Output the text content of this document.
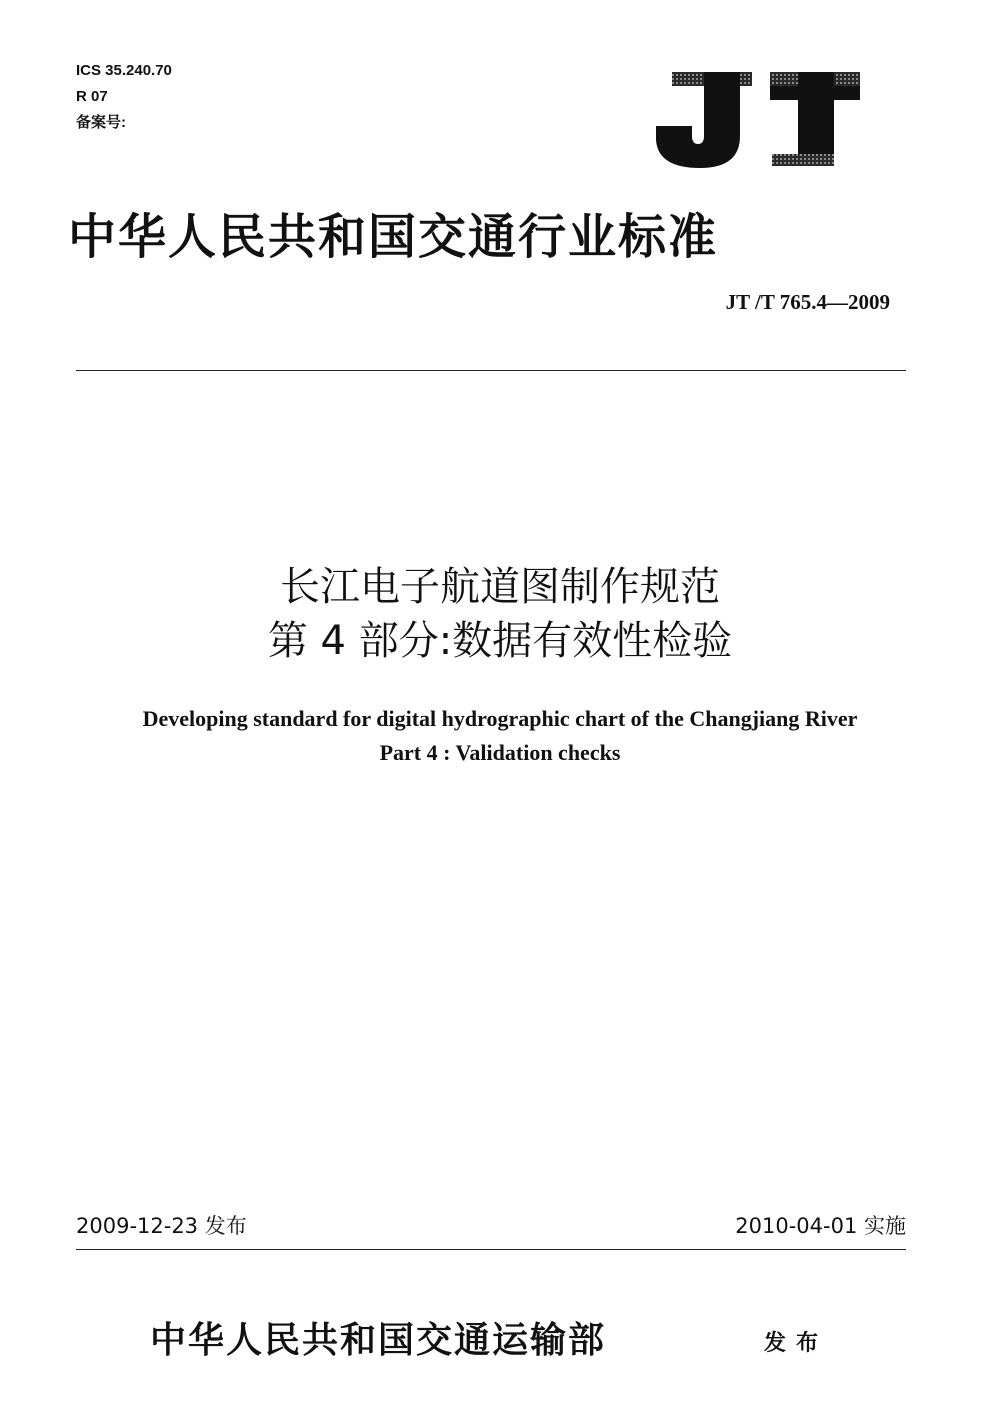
ICS 35.240.70
R 07
备案号:
中华人民共和国交通行业标准
JT /T 765.4—2009
长江电子航道图制作规范
第 4 部分:数据有效性检验
Developing standard for digital hydrographic chart of the Changjiang River
Part 4 : Validation checks
2009-12-23 发布	2010-04-01 实施
中华人民共和国交通运输部	发布
